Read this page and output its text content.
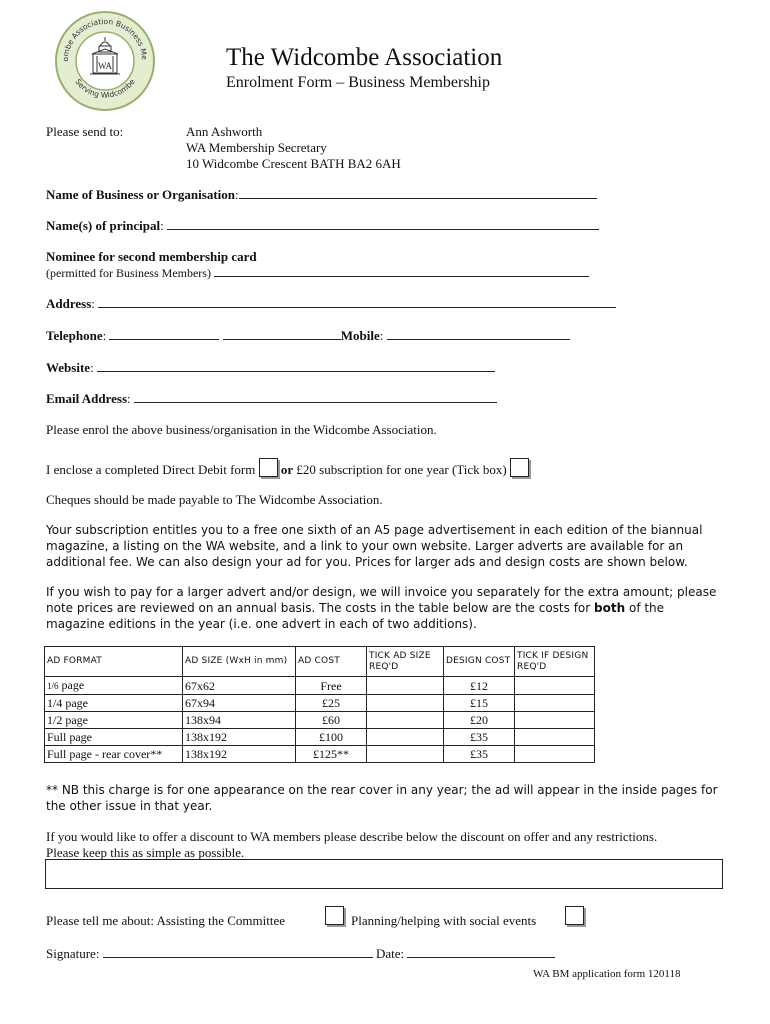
ombe Association Business Me
Serving Widcombe
WA	The Widcombe Association
Enrolment Form – Business Membership
Please send to:	Ann Ashworth
WA Membership Secretary
10 Widcombe Crescent BATH BA2 6AH
Name of Business or Organisation:
Name(s) of principal:
Nominee for second membership card
(permitted for Business Members)
Address:
Telephone:	Mobile:
Website:
Email Address:
Please enrol the above business/organisation in the Widcombe Association.
I enclose a completed Direct Debit form or £20 subscription for one year (Tick box)
Cheques should be made payable to The Widcombe Association.
Your subscription entitles you to a free one sixth of an A5 page advertisement in each edition of the biannual magazine, a listing on the WA website, and a link to your own website. Larger adverts are available for an additional fee. We can also design your ad for you. Prices for larger ads and design costs are shown below.
If you wish to pay for a larger advert and/or design, we will invoice you separately for the extra amount; please note prices are reviewed on an annual basis. The costs in the table below are the costs for both of the magazine editions in the year (i.e. one advert in each of two additions).
AD FORMAT	AD SIZE (WxH in mm)	AD COST	TICK AD SIZE REQ'D	DESIGN COST	TICK IF DESIGN REQ'D
1/6 page	67x62	Free		£12	
1/4 page	67x94	£25		£15	
1/2 page	138x94	£60		£20	
Full page	138x192	£100		£35	
Full page - rear cover**	138x192	£125**		£35	
** NB this charge is for one appearance on the rear cover in any year; the ad will appear in the inside pages for the other issue in that year.
If you would like to offer a discount to WA members please describe below the discount on offer and any restrictions. Please keep this as simple as possible.
Please tell me about: Assisting the Committee	Planning/helping with social events
Signature:	Date:
WA BM application form 120118
